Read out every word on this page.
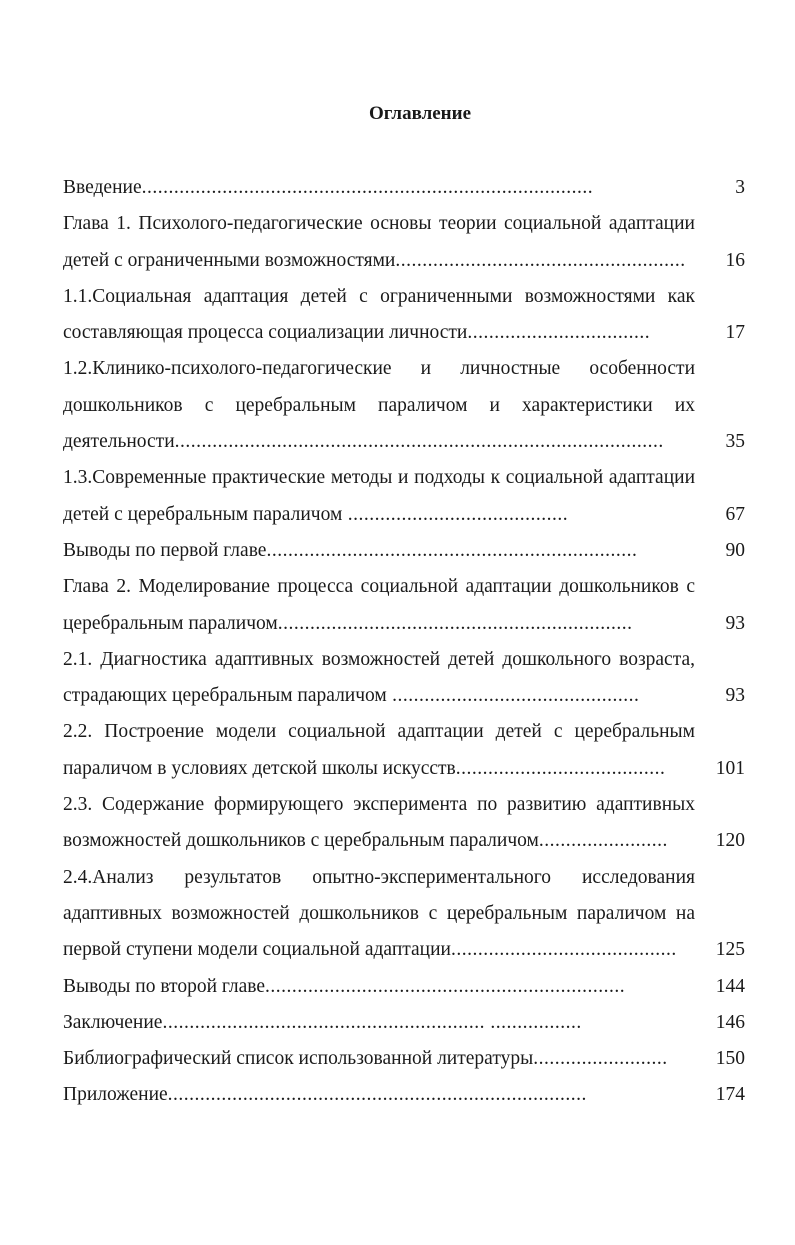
Оглавление
Введение....................................................................................	3
Глава 1. Психолого-педагогические основы теории социальной адаптации детей с ограниченными возможностями......................................................	16
1.1.Социальная адаптация детей с ограниченными возможностями как составляющая процесса социализации личности..................................	17
1.2.Клинико-психолого-педагогические и личностные особенности дошкольников с церебральным параличом и характеристики их деятельности...........................................................................................	35
1.3.Современные практические методы и подходы к социальной адаптации детей с церебральным параличом .........................................	67
Выводы по первой главе.....................................................................	90
Глава 2. Моделирование процесса социальной адаптации дошкольников с церебральным параличом..................................................................	93
2.1. Диагностика адаптивных возможностей детей дошкольного возраста, страдающих церебральным параличом ..............................................	93
2.2. Построение модели социальной адаптации детей с церебральным параличом в условиях детской школы искусств.......................................	101
2.3. Содержание формирующего эксперимента по развитию адаптивных возможностей дошкольников с церебральным параличом........................	120
2.4.Анализ результатов опытно-экспериментального исследования адаптивных возможностей дошкольников с церебральным параличом на первой ступени модели социальной адаптации..........................................	125
Выводы по второй главе...................................................................	144
Заключение............................................................ .................	146
Библиографический список использованной литературы.........................	150
Приложение..............................................................................	174
